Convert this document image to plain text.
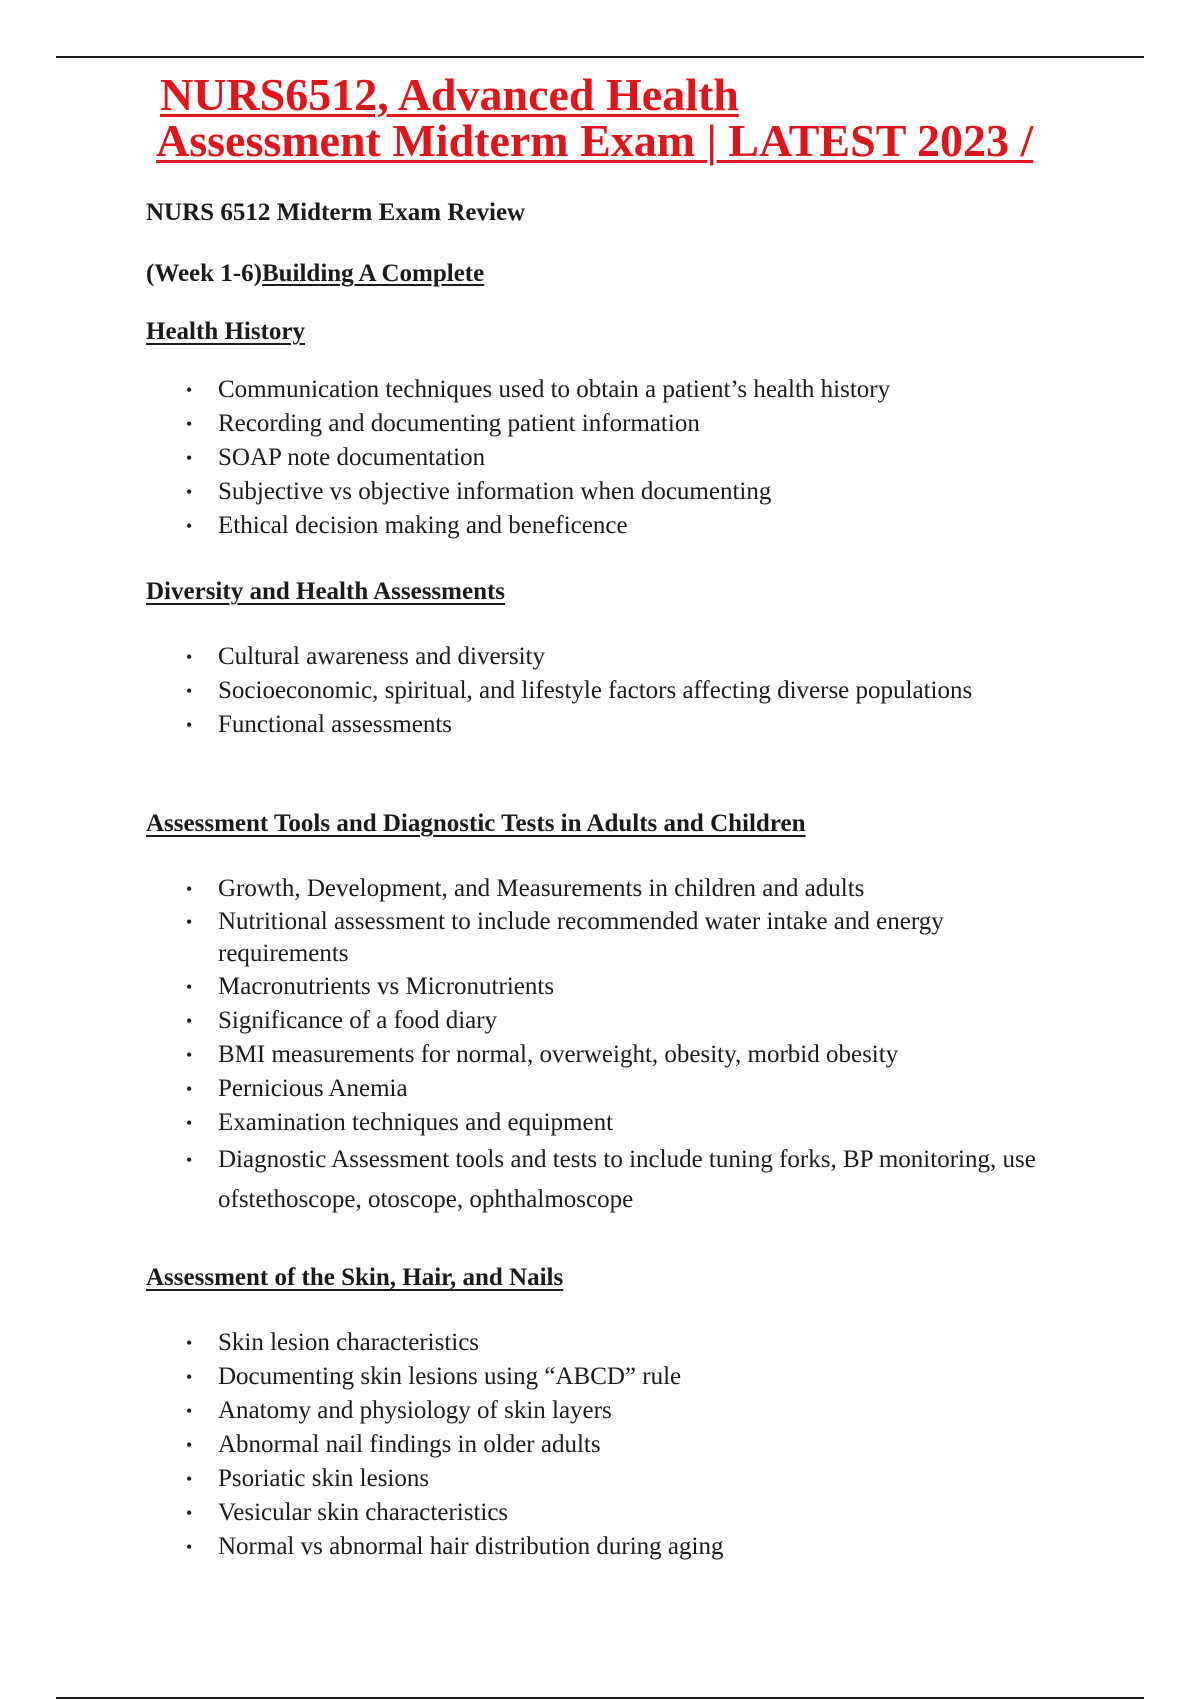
NURS6512, Advanced Health
Assessment Midterm Exam | LATEST 2023 /
NURS 6512 Midterm Exam Review
(Week 1-6)Building A Complete
Health History
• Communication techniques used to obtain a patient’s health history
• Recording and documenting patient information
• SOAP note documentation
• Subjective vs objective information when documenting
• Ethical decision making and beneficence
Diversity and Health Assessments
• Cultural awareness and diversity
• Socioeconomic, spiritual, and lifestyle factors affecting diverse populations
• Functional assessments
Assessment Tools and Diagnostic Tests in Adults and Children
• Growth, Development, and Measurements in children and adults
• Nutritional assessment to include recommended water intake and energy requirements
• Macronutrients vs Micronutrients
• Significance of a food diary
• BMI measurements for normal, overweight, obesity, morbid obesity
• Pernicious Anemia
• Examination techniques and equipment
• Diagnostic Assessment tools and tests to include tuning forks, BP monitoring, use ofstethoscope, otoscope, ophthalmoscope
Assessment of the Skin, Hair, and Nails
• Skin lesion characteristics
• Documenting skin lesions using “ABCD” rule
• Anatomy and physiology of skin layers
• Abnormal nail findings in older adults
• Psoriatic skin lesions
• Vesicular skin characteristics
• Normal vs abnormal hair distribution during aging
